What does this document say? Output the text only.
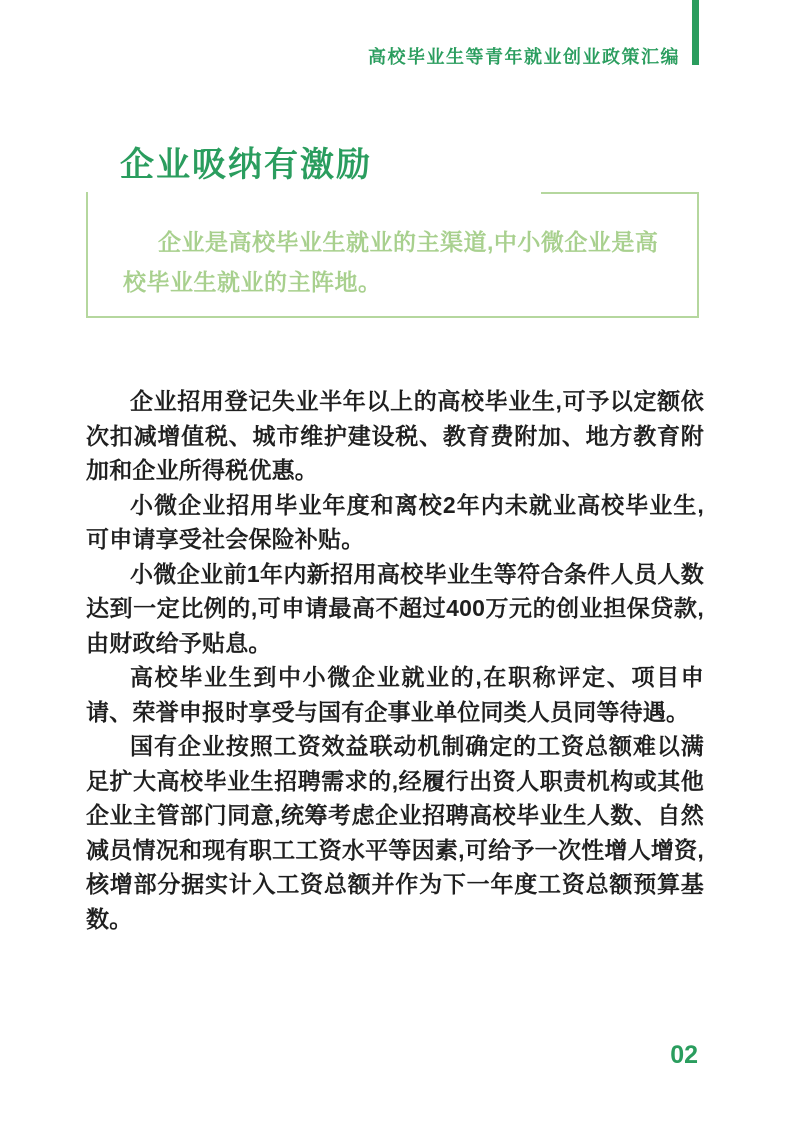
高校毕业生等青年就业创业政策汇编
企业吸纳有激励

企业是高校毕业生就业的主渠道,中小微企业是高校毕业生就业的主阵地。

企业招用登记失业半年以上的高校毕业生,可予以定额依次扣减增值税、城市维护建设税、教育费附加、地方教育附加和企业所得税优惠。

小微企业招用毕业年度和离校2年内未就业高校毕业生,可申请享受社会保险补贴。

小微企业前1年内新招用高校毕业生等符合条件人员人数达到一定比例的,可申请最高不超过400万元的创业担保贷款,由财政给予贴息。

高校毕业生到中小微企业就业的,在职称评定、项目申请、荣誉申报时享受与国有企事业单位同类人员同等待遇。

国有企业按照工资效益联动机制确定的工资总额难以满足扩大高校毕业生招聘需求的,经履行出资人职责机构或其他企业主管部门同意,统筹考虑企业招聘高校毕业生人数、自然减员情况和现有职工工资水平等因素,可给予一次性增人增资,核增部分据实计入工资总额并作为下一年度工资总额预算基数。

02
